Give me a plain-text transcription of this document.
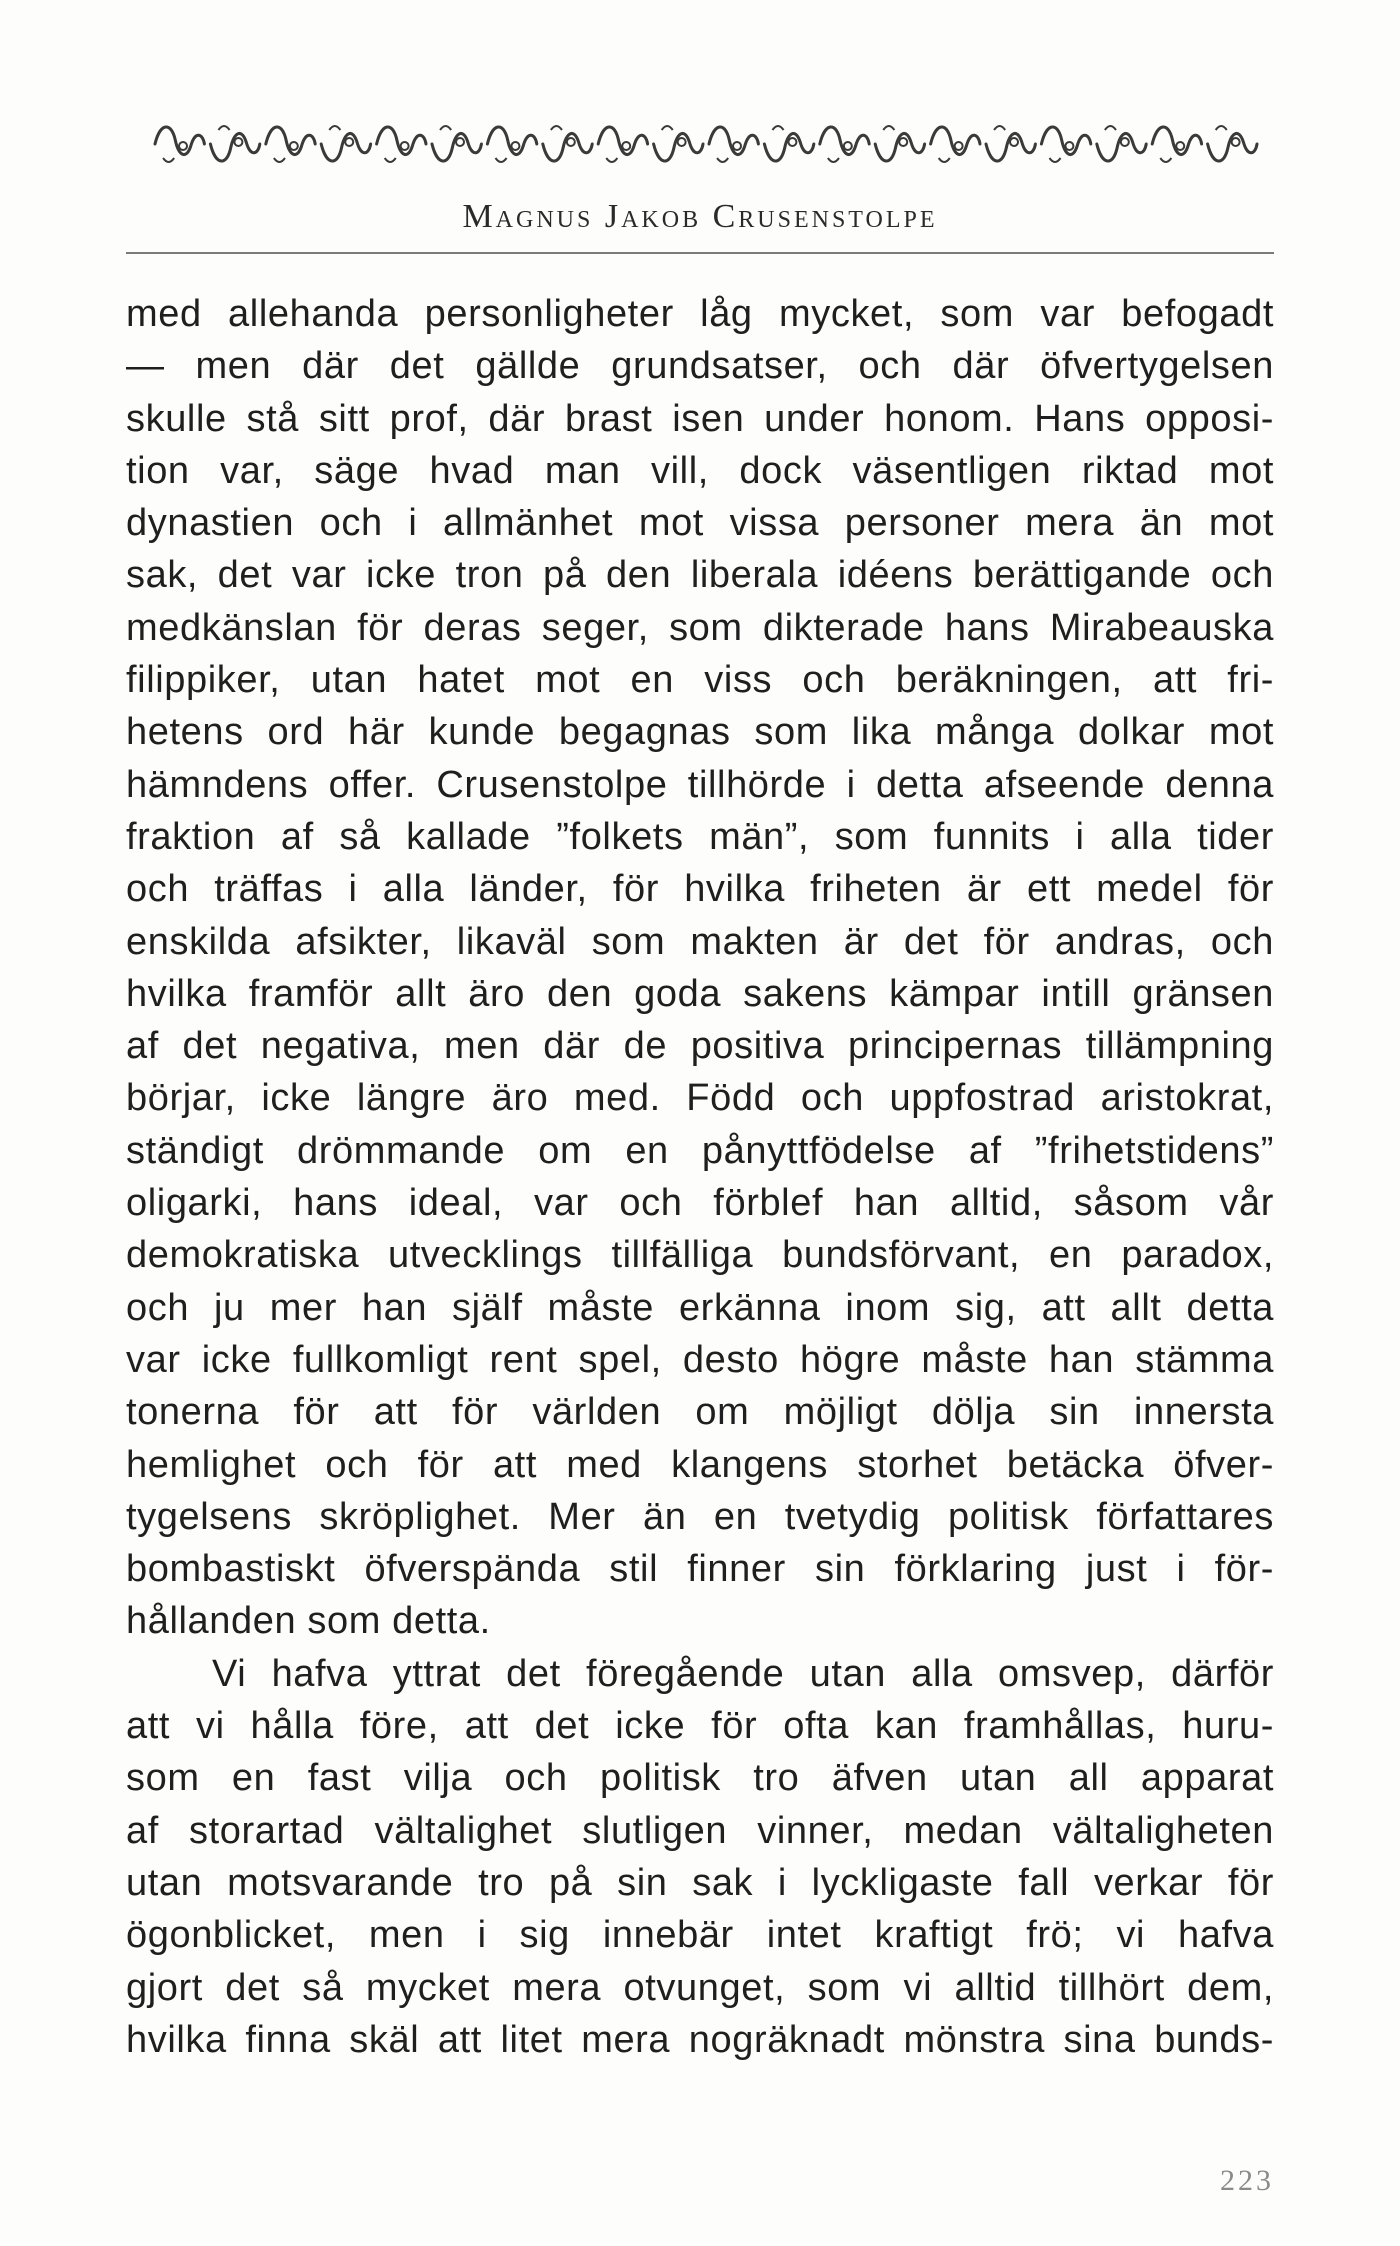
Magnus Jakob Crusenstolpe
med allehanda personligheter låg mycket, som var befogadt
— men där det gällde grundsatser, och där öfvertygelsen
skulle stå sitt prof, där brast isen under honom. Hans opposi-
tion var, säge hvad man vill, dock väsentligen riktad mot
dynastien och i allmänhet mot vissa personer mera än mot
sak, det var icke tron på den liberala idéens berättigande och
medkänslan för deras seger, som dikterade hans Mirabeauska
filippiker, utan hatet mot en viss och beräkningen, att fri-
hetens ord här kunde begagnas som lika många dolkar mot
hämndens offer. Crusenstolpe tillhörde i detta afseende denna
fraktion af så kallade ”folkets män”, som funnits i alla tider
och träffas i alla länder, för hvilka friheten är ett medel för
enskilda afsikter, likaväl som makten är det för andras, och
hvilka framför allt äro den goda sakens kämpar intill gränsen
af det negativa, men där de positiva principernas tillämpning
börjar, icke längre äro med. Född och uppfostrad aristokrat,
ständigt drömmande om en pånyttfödelse af ”frihetstidens”
oligarki, hans ideal, var och förblef han alltid, såsom vår
demokratiska utvecklings tillfälliga bundsförvant, en paradox,
och ju mer han själf måste erkänna inom sig, att allt detta
var icke fullkomligt rent spel, desto högre måste han stämma
tonerna för att för världen om möjligt dölja sin innersta
hemlighet och för att med klangens storhet betäcka öfver-
tygelsens skröplighet. Mer än en tvetydig politisk författares
bombastiskt öfverspända stil finner sin förklaring just i för-
hållanden som detta.
Vi hafva yttrat det föregående utan alla omsvep, därför
att vi hålla före, att det icke för ofta kan framhållas, huru-
som en fast vilja och politisk tro äfven utan all apparat
af storartad vältalighet slutligen vinner, medan vältaligheten
utan motsvarande tro på sin sak i lyckligaste fall verkar för
ögonblicket, men i sig innebär intet kraftigt frö; vi hafva
gjort det så mycket mera otvunget, som vi alltid tillhört dem,
hvilka finna skäl att litet mera nogräknadt mönstra sina bunds-
223
